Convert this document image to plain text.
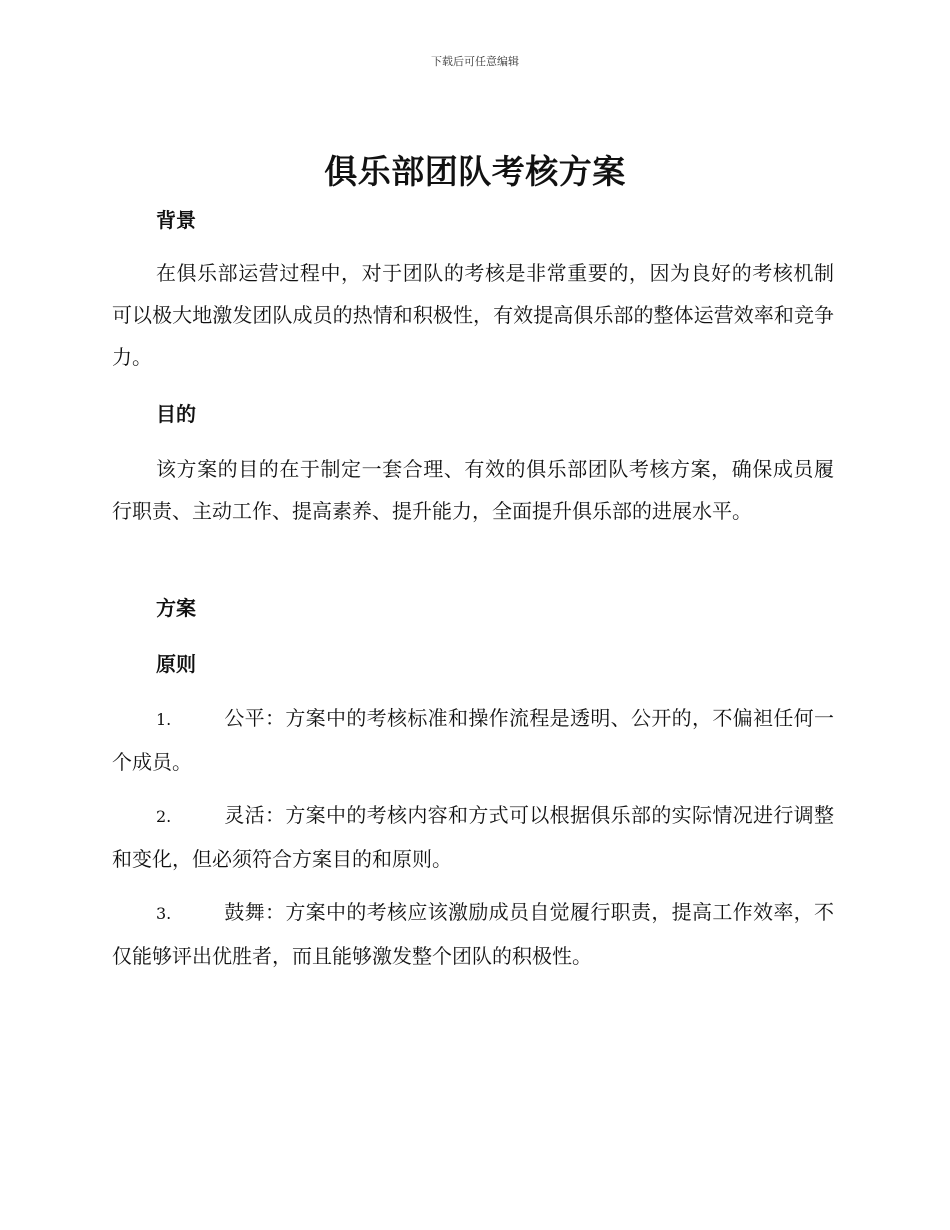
下载后可任意编辑
俱乐部团队考核方案
背景

在俱乐部运营过程中，对于团队的考核是非常重要的，因为良好的考核机制可以极大地激发团队成员的热情和积极性，有效提高俱乐部的整体运营效率和竞争力。

目的

该方案的目的在于制定一套合理、有效的俱乐部团队考核方案，确保成员履行职责、主动工作、提高素养、提升能力，全面提升俱乐部的进展水平。

方案
原则
1.	公平：方案中的考核标准和操作流程是透明、公开的，不偏袒任何一个成员。
2.	灵活：方案中的考核内容和方式可以根据俱乐部的实际情况进行调整和变化，但必须符合方案目的和原则。
3.	鼓舞：方案中的考核应该激励成员自觉履行职责，提高工作效率，不仅能够评出优胜者，而且能够激发整个团队的积极性。
